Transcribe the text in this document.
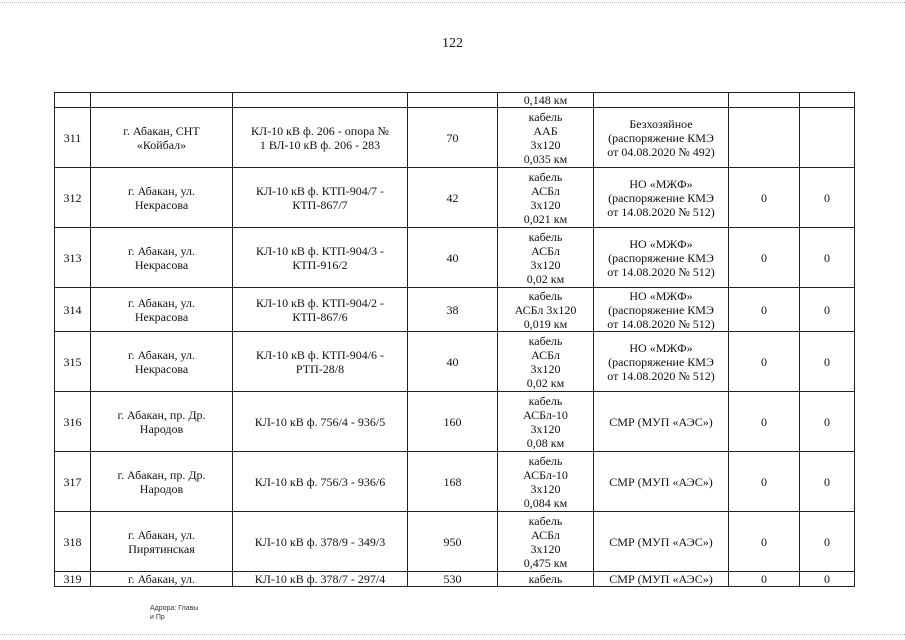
122
				0,148 км			
311	г. Абакан, СНТ
«Койбал»	КЛ-10 кВ ф. 206 - опора №
1 ВЛ-10 кВ ф. 206 - 283	70	кабель
ААБ
3х120
0,035 км	Безхозяйное
(распоряжение КМЭ
от 04.08.2020 № 492)		
312	г. Абакан, ул.
Некрасова	КЛ-10 кВ ф. КТП-904/7 -
КТП-867/7	42	кабель
АСБл
3х120
0,021 км	НО «МЖФ»
(распоряжение КМЭ
от 14.08.2020 № 512)	0	0
313	г. Абакан, ул.
Некрасова	КЛ-10 кВ ф. КТП-904/3 -
КТП-916/2	40	кабель
АСБл
3х120
0,02 км	НО «МЖФ»
(распоряжение КМЭ
от 14.08.2020 № 512)	0	0
314	г. Абакан, ул.
Некрасова	КЛ-10 кВ ф. КТП-904/2 -
КТП-867/6	38	кабель
АСБл 3х120
0,019 км	НО «МЖФ»
(распоряжение КМЭ
от 14.08.2020 № 512)	0	0
315	г. Абакан, ул.
Некрасова	КЛ-10 кВ ф. КТП-904/6 -
РТП-28/8	40	кабель
АСБл
3х120
0,02 км	НО «МЖФ»
(распоряжение КМЭ
от 14.08.2020 № 512)	0	0
316	г. Абакан, пр. Др.
Народов	КЛ-10 кВ ф. 756/4 - 936/5	160	кабель
АСБл-10
3х120
0,08 км	СМР (МУП «АЭС»)	0	0
317	г. Абакан, пр. Др.
Народов	КЛ-10 кВ ф. 756/3 - 936/6	168	кабель
АСБл-10
3х120
0,084 км	СМР (МУП «АЭС»)	0	0
318	г. Абакан, ул.
Пирятинская	КЛ-10 кВ ф. 378/9 - 349/3	950	кабель
АСБл
3х120
0,475 км	СМР (МУП «АЭС»)	0	0
319	г. Абакан, ул.	КЛ-10 кВ ф. 378/7 - 297/4	530	кабель	СМР (МУП «АЭС»)	0	0
Адрора: Главы
и Пр
